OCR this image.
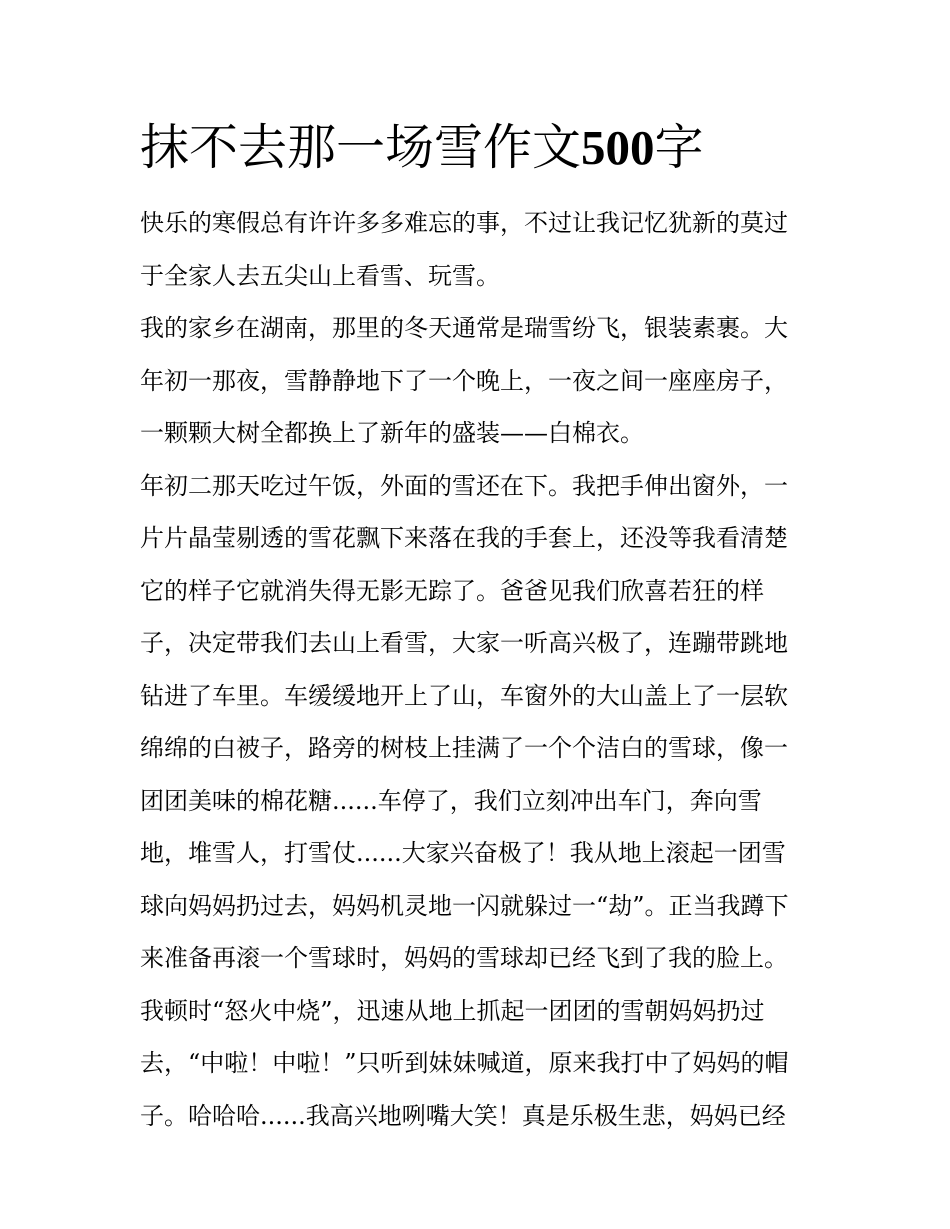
抹不去那一场雪作文500字
快乐的寒假总有许许多多难忘的事，不过让我记忆犹新的莫过
于全家人去五尖山上看雪、玩雪。
我的家乡在湖南，那里的冬天通常是瑞雪纷飞，银装素裹。大
年初一那夜，雪静静地下了一个晚上，一夜之间一座座房子，
一颗颗大树全都换上了新年的盛装——白棉衣。
年初二那天吃过午饭，外面的雪还在下。我把手伸出窗外，一
片片晶莹剔透的雪花飘下来落在我的手套上，还没等我看清楚
它的样子它就消失得无影无踪了。爸爸见我们欣喜若狂的样
子，决定带我们去山上看雪，大家一听高兴极了，连蹦带跳地
钻进了车里。车缓缓地开上了山，车窗外的大山盖上了一层软
绵绵的白被子，路旁的树枝上挂满了一个个洁白的雪球，像一
团团美味的棉花糖......车停了，我们立刻冲出车门，奔向雪
地，堆雪人，打雪仗......大家兴奋极了！我从地上滚起一团雪
球向妈妈扔过去，妈妈机灵地一闪就躲过一“劫”。正当我蹲下
来准备再滚一个雪球时，妈妈的雪球却已经飞到了我的脸上。
我顿时“怒火中烧”，迅速从地上抓起一团团的雪朝妈妈扔过
去，“中啦！中啦！”只听到妹妹喊道，原来我打中了妈妈的帽
子。哈哈哈......我高兴地咧嘴大笑！真是乐极生悲，妈妈已经
